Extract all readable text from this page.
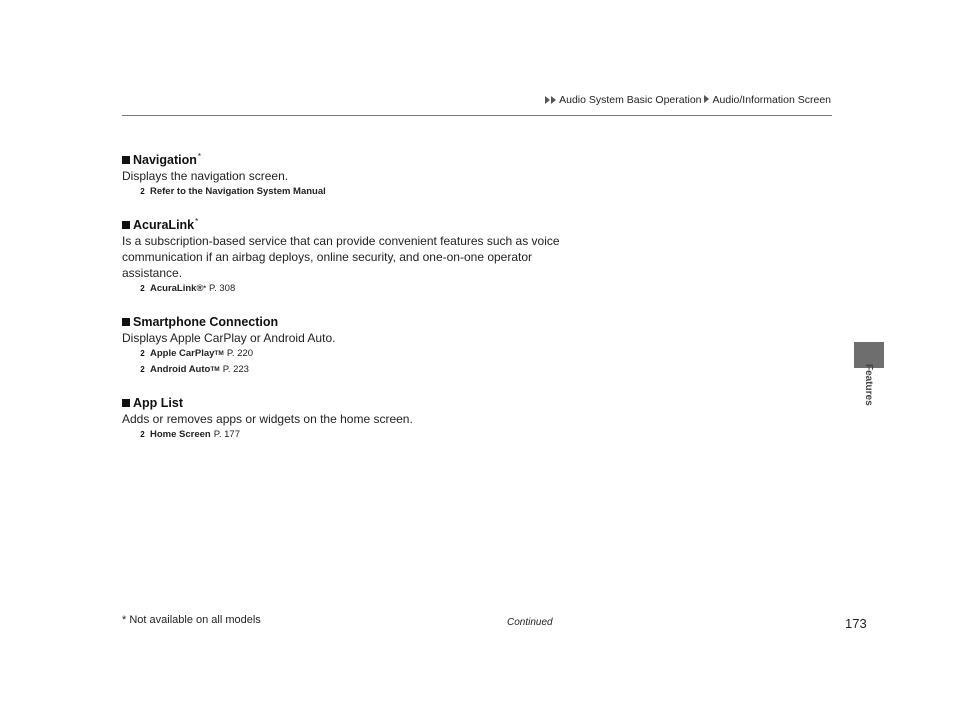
Audio System Basic Operation Audio/Information Screen
Features
Navigation *
Displays the navigation screen.
2 Refer to the Navigation System Manual
AcuraLink *
Is a subscription-based service that can provide convenient features such as voice communication if an airbag deploys, online security, and one-on-one operator assistance.
2 AcuraLink® * P. 308
Smartphone Connection
Displays Apple CarPlay or Android Auto.
2 Apple CarPlay TM P. 220
2 Android Auto TM P. 223
App List
Adds or removes apps or widgets on the home screen.
2 Home Screen P. 177
* Not available on all models	Continued	173
